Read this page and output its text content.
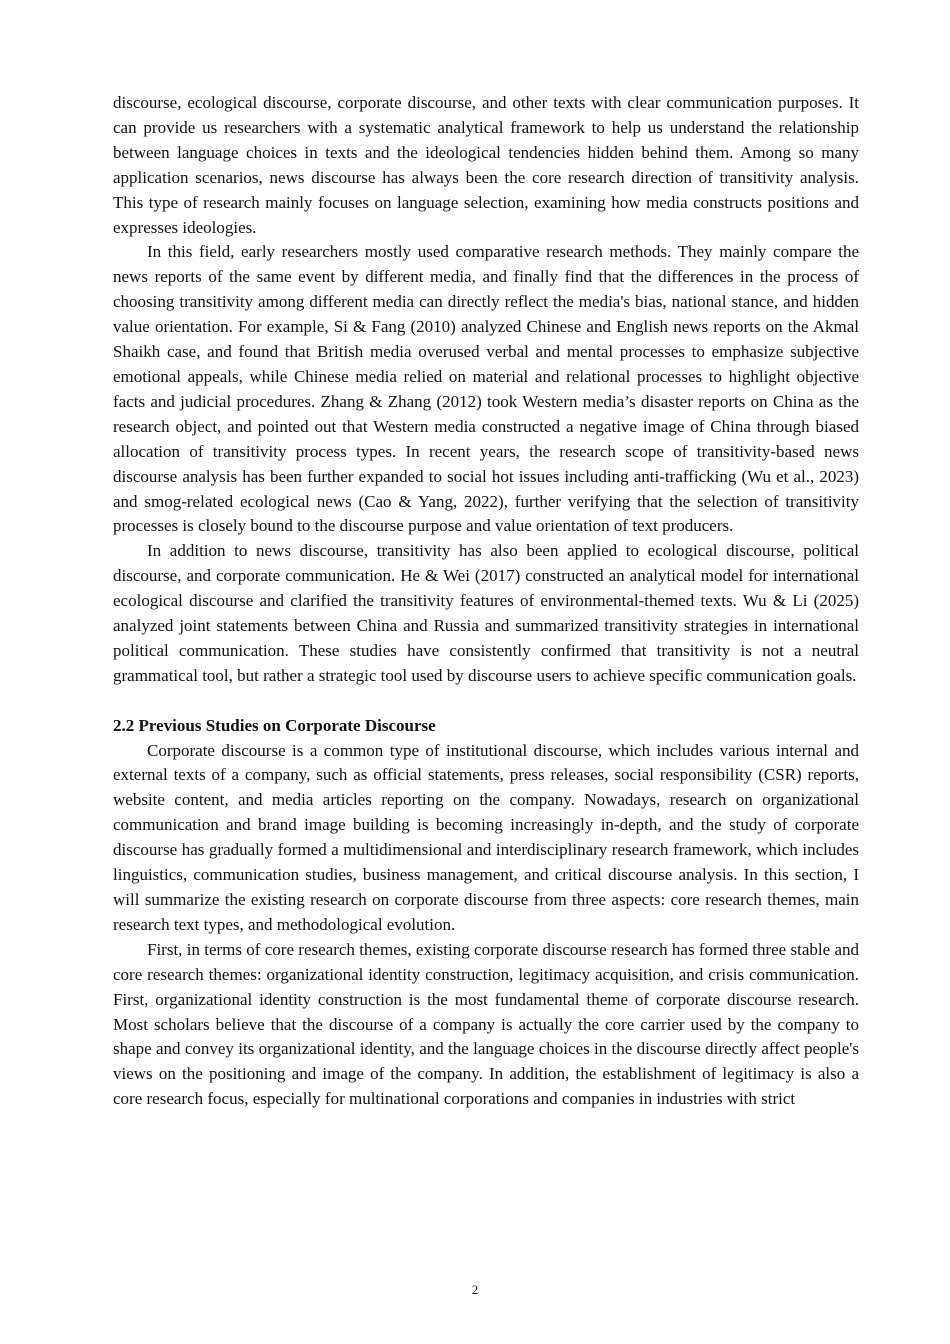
discourse, ecological discourse, corporate discourse, and other texts with clear communication purposes. It can provide us researchers with a systematic analytical framework to help us understand the relationship between language choices in texts and the ideological tendencies hidden behind them. Among so many application scenarios, news discourse has always been the core research direction of transitivity analysis. This type of research mainly focuses on language selection, examining how media constructs positions and expresses ideologies.

In this field, early researchers mostly used comparative research methods. They mainly compare the news reports of the same event by different media, and finally find that the differences in the process of choosing transitivity among different media can directly reflect the media's bias, national stance, and hidden value orientation. For example, Si & Fang (2010) analyzed Chinese and English news reports on the Akmal Shaikh case, and found that British media overused verbal and mental processes to emphasize subjective emotional appeals, while Chinese media relied on material and relational processes to highlight objective facts and judicial procedures. Zhang & Zhang (2012) took Western media’s disaster reports on China as the research object, and pointed out that Western media constructed a negative image of China through biased allocation of transitivity process types. In recent years, the research scope of transitivity-based news discourse analysis has been further expanded to social hot issues including anti-trafficking (Wu et al., 2023) and smog-related ecological news (Cao & Yang, 2022), further verifying that the selection of transitivity processes is closely bound to the discourse purpose and value orientation of text producers.

In addition to news discourse, transitivity has also been applied to ecological discourse, political discourse, and corporate communication. He & Wei (2017) constructed an analytical model for international ecological discourse and clarified the transitivity features of environmental-themed texts. Wu & Li (2025) analyzed joint statements between China and Russia and summarized transitivity strategies in international political communication. These studies have consistently confirmed that transitivity is not a neutral grammatical tool, but rather a strategic tool used by discourse users to achieve specific communication goals.

2.2 Previous Studies on Corporate Discourse

Corporate discourse is a common type of institutional discourse, which includes various internal and external texts of a company, such as official statements, press releases, social responsibility (CSR) reports, website content, and media articles reporting on the company. Nowadays, research on organizational communication and brand image building is becoming increasingly in-depth, and the study of corporate discourse has gradually formed a multidimensional and interdisciplinary research framework, which includes linguistics, communication studies, business management, and critical discourse analysis. In this section, I will summarize the existing research on corporate discourse from three aspects: core research themes, main research text types, and methodological evolution.

First, in terms of core research themes, existing corporate discourse research has formed three stable and core research themes: organizational identity construction, legitimacy acquisition, and crisis communication. First, organizational identity construction is the most fundamental theme of corporate discourse research. Most scholars believe that the discourse of a company is actually the core carrier used by the company to shape and convey its organizational identity, and the language choices in the discourse directly affect people's views on the positioning and image of the company. In addition, the establishment of legitimacy is also a core research focus, especially for multinational corporations and companies in industries with strict

2
